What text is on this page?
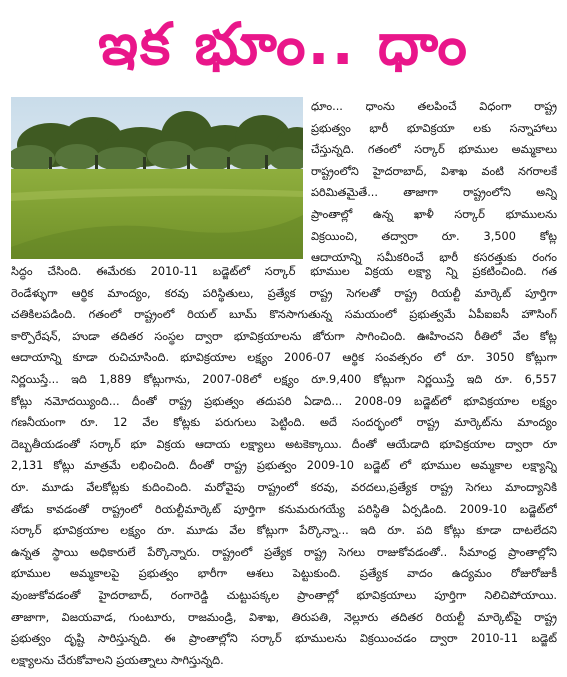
ఇక భూం.. ధాం
ధూం... ధాంను తలపించే విధంగా రాష్ట్ర
ప్రభుత్వం భారీ భూవిక్రయా లకు సన్నాహాలు
చేస్తున్నది. గతంలో సర్కార్ భూముల అమ్మకాలు
రాష్ట్రంలోని హైదరాబాద్, విశాఖ వంటి నగరాలకే
పరిమితమైతే... తాజాగా రాష్ట్రంలోని అన్ని
ప్రాంతాల్లో ఉన్న ఖాళీ సర్కార్ భూములను
విక్రయించి, తద్వారా రూ. 3,500 కోట్ల
ఆదాయాన్ని సమీకరించే భారీ కసరత్తుకు రంగం
సిద్ధం చేసింది. ఈమేరకు 2010-11 బడ్జెట్‌లో సర్కార్ భూముల విక్రయ లక్ష్యా న్ని ప్రకటించింది. గత
రెండేళ్ళుగా ఆర్థిక మాంద్యం, కరవు పరిస్థితులు, ప్రత్యేక రాష్ట్ర సెగలతో రాష్ట్ర రియల్టీ మార్కెట్ పూర్తిగా
చతికిలపడింది. గతంలో రాష్ట్రంలో రియల్ బూమ్ కొనసాగుతున్న సమయంలో ప్రభుత్వమే ఏపీఐఐసీ హౌసింగ్
కార్పొరేషన్, హుడా తదితర సంస్థల ద్వారా భూవిక్రయాలను జోరుగా సాగించింది. ఊహించని రీతిలో వేల కోట్ల
ఆదాయాన్ని కూడా రుచిచూసింది. భూవిక్రయాల లక్ష్యం 2006-07 ఆర్థిక సంవత్సరం లో రూ. 3050 కోట్లుగా
నిర్ణయిస్తే... ఇది 1,889 కోట్లుగాను, 2007-08లో లక్ష్యం రూ.9,400 కోట్లుగా నిర్ణయిస్తే ఇది రూ. 6,557
కోట్లు నమోదయ్యింది... దీంతో రాష్ట్ర ప్రభుత్వం తదుపరి ఏడాది... 2008-09 బడ్జెట్‌లో భూవిక్రయాల లక్ష్యం
గణనీయంగా రూ. 12 వేల కోట్లకు పరుగులు పెట్టింది. అదే సందర్భంలో రాష్ట్ర మార్కెట్‌ను మాంద్యం
దెబ్బతీయడంతో సర్కార్ భూ విక్రయ ఆదాయ లక్ష్యాలు అటకెక్కాయి. దీంతో ఆయేడాది భూవిక్రయాల ద్వారా రూ
2,131 కోట్లు మాత్రమే లభించింది. దీంతో రాష్ట్ర ప్రభుత్వం 2009-10 బడ్జెట్ లో భూముల అమ్మకాల లక్ష్యాన్ని
రూ. మూడు వేలకోట్లకు కుదించింది. మరోవైపు రాష్ట్రంలో కరవు, వరదలు,ప్రత్యేక రాష్ట్ర సెగలు మాంద్యానికి
తోడు కావడంతో రాష్ట్రంలో రియల్టీమార్కెట్ పూర్తిగా కనుమరుగయ్యే పరిస్థితి ఏర్పడింది. 2009-10 బడ్జెట్‌లో
సర్కార్ భూవిక్రయాల లక్ష్యం రూ. మూడు వేల కోట్లుగా పేర్కొన్నా... ఇది రూ. పది కోట్లు కూడా దాటలేదని
ఉన్నత స్థాయి అధికారులే పేర్కొన్నారు. రాష్ట్రంలో ప్రత్యేక రాష్ట్ర సెగలు రాజుకోవడంతో.. సీమాంధ్ర ప్రాంతాల్లోని
భూముల అమ్మకాలపై ప్రభుత్వం భారీగా ఆశలు పెట్టుకుంది. ప్రత్యేక వాదం ఉద్యమం రోజురోజుకీ
వుంజుకోవడంతో హైదరాబాద్, రంగారెడ్డి చుట్టుపక్కల ప్రాంతాల్లో భూవిక్రయాలు పూర్తిగా నిలిచిపోయాయి.
తాజాగా, విజయవాడ, గుంటూరు, రాజమండ్రి, విశాఖ, తిరుపతి, నెల్లూరు తదితర రియల్టీ మార్కెట్‌పై రాష్ట్ర
ప్రభుత్వం దృష్టి సారిస్తున్నది. ఈ ప్రాంతాల్లోని సర్కార్ భూములను విక్రయించడం ద్వారా 2010-11 బడ్జెట్
లక్ష్యాలను చేరుకోవాలని ప్రయత్నాలు సాగిస్తున్నది.
